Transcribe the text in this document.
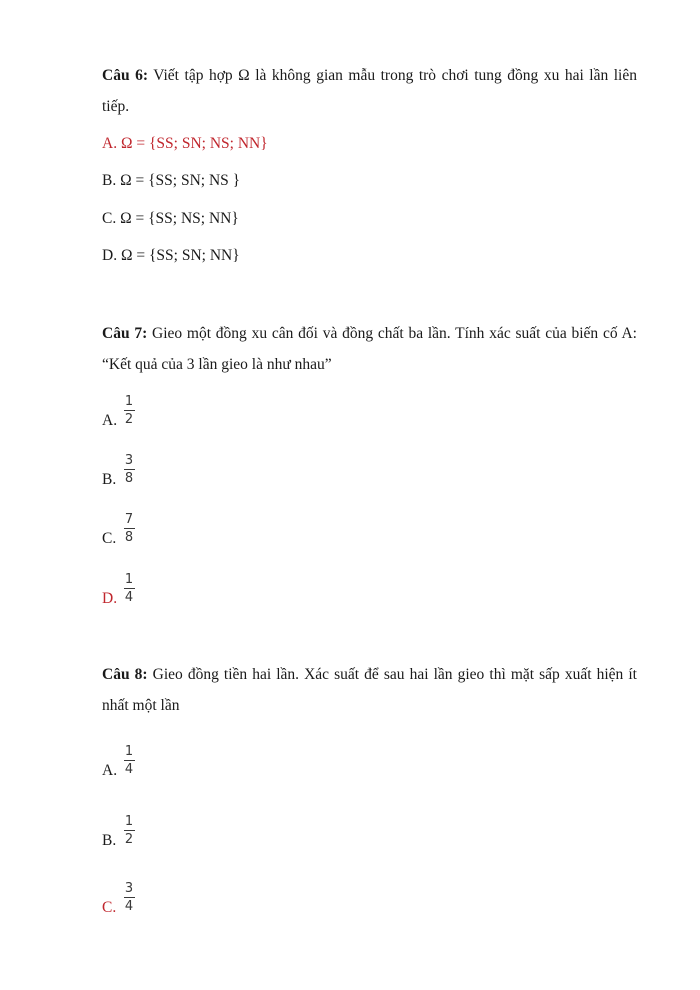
Câu 6: Viết tập hợp Ω là không gian mẫu trong trò chơi tung đồng xu hai lần liên tiếp.
A. Ω = {SS; SN; NS; NN}
B. Ω = {SS; SN; NS }
C. Ω = {SS; NS; NN}
D. Ω = {SS; SN; NN}
Câu 7: Gieo một đồng xu cân đối và đồng chất ba lần. Tính xác suất của biến cố A: “Kết quả của 3 lần gieo là như nhau”
A.
1
2
B.
3
8
C.
7
8
D.
1
4
Câu 8: Gieo đồng tiền hai lần. Xác suất để sau hai lần gieo thì mặt sấp xuất hiện ít nhất một lần
A.
1
4
B.
1
2
C.
3
4
